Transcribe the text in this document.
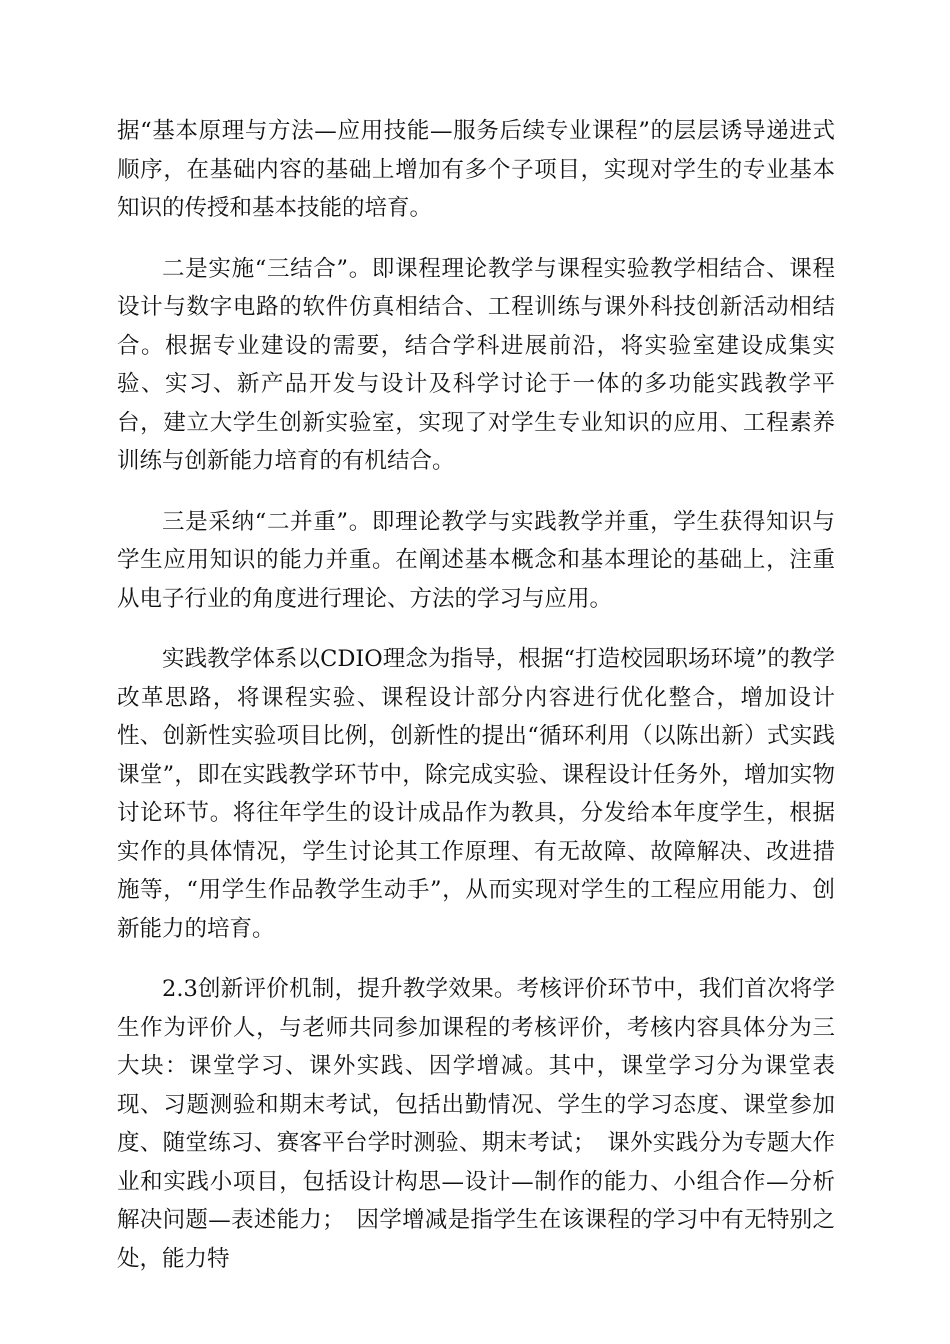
据“基本原理与方法—应用技能—服务后续专业课程”的层层诱导递进式顺序，在基础内容的基础上增加有多个子项目，实现对学生的专业基本知识的传授和基本技能的培育。

二是实施“三结合”。即课程理论教学与课程实验教学相结合、课程设计与数字电路的软件仿真相结合、工程训练与课外科技创新活动相结合。根据专业建设的需要，结合学科进展前沿，将实验室建设成集实验、实习、新产品开发与设计及科学讨论于一体的多功能实践教学平台，建立大学生创新实验室，实现了对学生专业知识的应用、工程素养训练与创新能力培育的有机结合。

三是采纳“二并重”。即理论教学与实践教学并重，学生获得知识与学生应用知识的能力并重。在阐述基本概念和基本理论的基础上，注重从电子行业的角度进行理论、方法的学习与应用。

实践教学体系以CDIO理念为指导，根据“打造校园职场环境”的教学改革思路，将课程实验、课程设计部分内容进行优化整合，增加设计性、创新性实验项目比例，创新性的提出“循环利用（以陈出新）式实践课堂”，即在实践教学环节中，除完成实验、课程设计任务外，增加实物讨论环节。将往年学生的设计成品作为教具，分发给本年度学生，根据实作的具体情况，学生讨论其工作原理、有无故障、故障解决、改进措施等，“用学生作品教学生动手”，从而实现对学生的工程应用能力、创新能力的培育。

2.3创新评价机制，提升教学效果。考核评价环节中，我们首次将学生作为评价人，与老师共同参加课程的考核评价，考核内容具体分为三大块：课堂学习、课外实践、因学增减。其中，课堂学习分为课堂表现、习题测验和期末考试，包括出勤情况、学生的学习态度、课堂参加度、随堂练习、赛客平台学时测验、期末考试；　课外实践分为专题大作业和实践小项目，包括设计构思—设计—制作的能力、小组合作—分析解决问题—表述能力；　因学增减是指学生在该课程的学习中有无特别之处，能力特
